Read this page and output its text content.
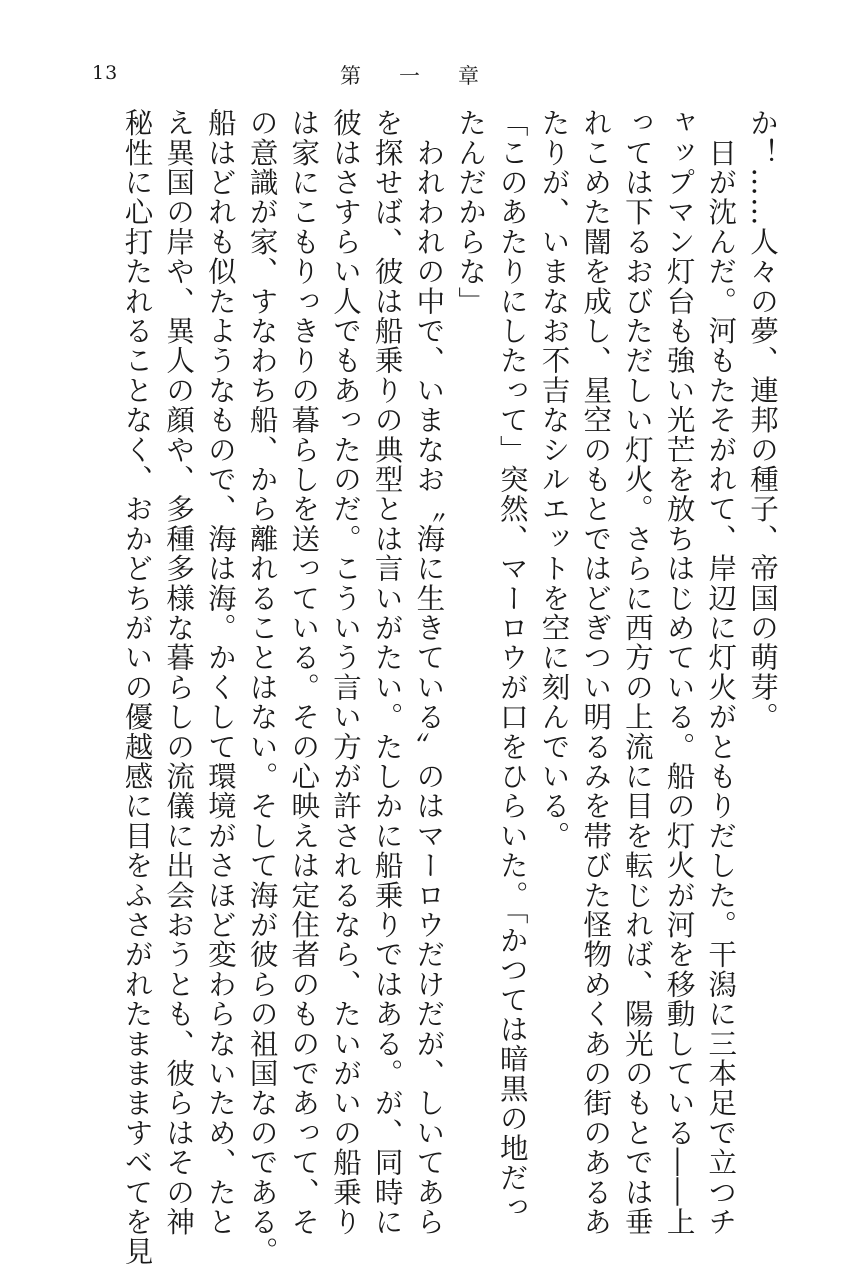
13	第一章

か！……人々の夢、連邦の種子、帝国の萌芽。

　日が沈んだ。河もたそがれて、岸辺に灯火がともりだした。干潟に三本足で立つチ

ャップマン灯台も強い光芒を放ちはじめている。船の灯火が河を移動している――上

っては下るおびただしい灯火。さらに西方の上流に目を転じれば、陽光のもとでは垂

れこめた闇を成し、星空のもとではどぎつい明るみを帯びた怪物めくあの街のあるあ

たりが、いまなお不吉なシルエットを空に刻んでいる。

「このあたりにしたって」突然、マーロウが口をひらいた。「かつては暗黒の地だっ

たんだからな」

　われわれの中で、いまなお〝海に生きている〟のはマーロウだけだが、しいてあら

を探せば、彼は船乗りの典型とは言いがたい。たしかに船乗りではある。が、同時に

彼はさすらい人でもあったのだ。こういう言い方が許されるなら、たいがいの船乗り

は家にこもりっきりの暮らしを送っている。その心映えは定住者のものであって、そ

の意識が家、すなわち船、から離れることはない。そして海が彼らの祖国なのである。

船はどれも似たようなもので、海は海。かくして環境がさほど変わらないため、たと

え異国の岸や、異人の顔や、多種多様な暮らしの流儀に出会おうとも、彼らはその神

秘性に心打たれることなく、おかどちがいの優越感に目をふさがれたままますべてを見
